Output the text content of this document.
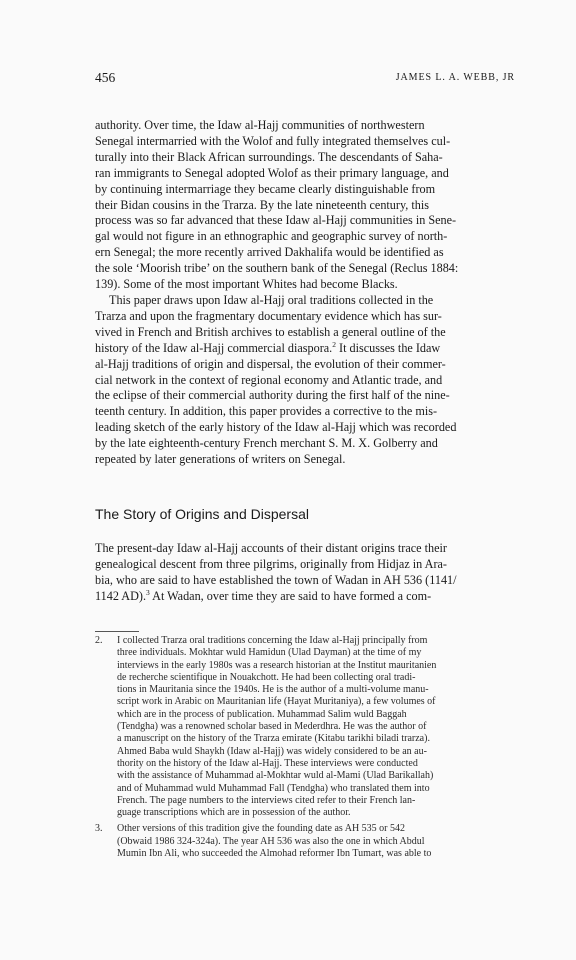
456	JAMES L. A. WEBB, JR

authority. Over time, the Idaw al-Hajj communities of northwestern

Senegal intermarried with the Wolof and fully integrated themselves cul-

turally into their Black African surroundings. The descendants of Saha-

ran immigrants to Senegal adopted Wolof as their primary language, and

by continuing intermarriage they became clearly distinguishable from

their Bidan cousins in the Trarza. By the late nineteenth century, this

process was so far advanced that these Idaw al-Hajj communities in Sene-

gal would not figure in an ethnographic and geographic survey of north-

ern Senegal; the more recently arrived Dakhalifa would be identified as

the sole ‘Moorish tribe’ on the southern bank of the Senegal (Reclus 1884:

139). Some of the most important Whites had become Blacks.

This paper draws upon Idaw al-Hajj oral traditions collected in the

Trarza and upon the fragmentary documentary evidence which has sur-

vived in French and British archives to establish a general outline of the

history of the Idaw al-Hajj commercial diaspora.$^2$ It discusses the Idaw

al-Hajj traditions of origin and dispersal, the evolution of their commer-

cial network in the context of regional economy and Atlantic trade, and

the eclipse of their commercial authority during the first half of the nine-

teenth century. In addition, this paper provides a corrective to the mis-

leading sketch of the early history of the Idaw al-Hajj which was recorded

by the late eighteenth-century French merchant S. M. X. Golberry and

repeated by later generations of writers on Senegal.

The Story of Origins and Dispersal

The present-day Idaw al-Hajj accounts of their distant origins trace their

genealogical descent from three pilgrims, originally from Hidjaz in Ara-

bia, who are said to have established the town of Wadan in AH 536 (1141/

1142 AD).$^3$ At Wadan, over time they are said to have formed a com-

2.	I collected Trarza oral traditions concerning the Idaw al-Hajj principally from
three individuals. Mokhtar wuld Hamidun (Ulad Dayman) at the time of my
interviews in the early 1980s was a research historian at the Institut mauritanien
de recherche scientifique in Nouakchott. He had been collecting oral tradi-
tions in Mauritania since the 1940s. He is the author of a multi-volume manu-
script work in Arabic on Mauritanian life (Hayat Muritaniya), a few volumes of
which are in the process of publication. Muhammad Salim wuld Baggah
(Tendgha) was a renowned scholar based in Mederdhra. He was the author of
a manuscript on the history of the Trarza emirate (Kitabu tarikhi biladi trarza).
Ahmed Baba wuld Shaykh (Idaw al-Hajj) was widely considered to be an au-
thority on the history of the Idaw al-Hajj. These interviews were conducted
with the assistance of Muhammad al-Mokhtar wuld al-Mami (Ulad Barikallah)
and of Muhammad wuld Muhammad Fall (Tendgha) who translated them into
French. The page numbers to the interviews cited refer to their French lan-
guage transcriptions which are in possession of the author.
3.	Other versions of this tradition give the founding date as AH 535 or 542
(Obwaid 1986 324-324a). The year AH 536 was also the one in which Abdul
Mumin Ibn Ali, who succeeded the Almohad reformer Ibn Tumart, was able to
